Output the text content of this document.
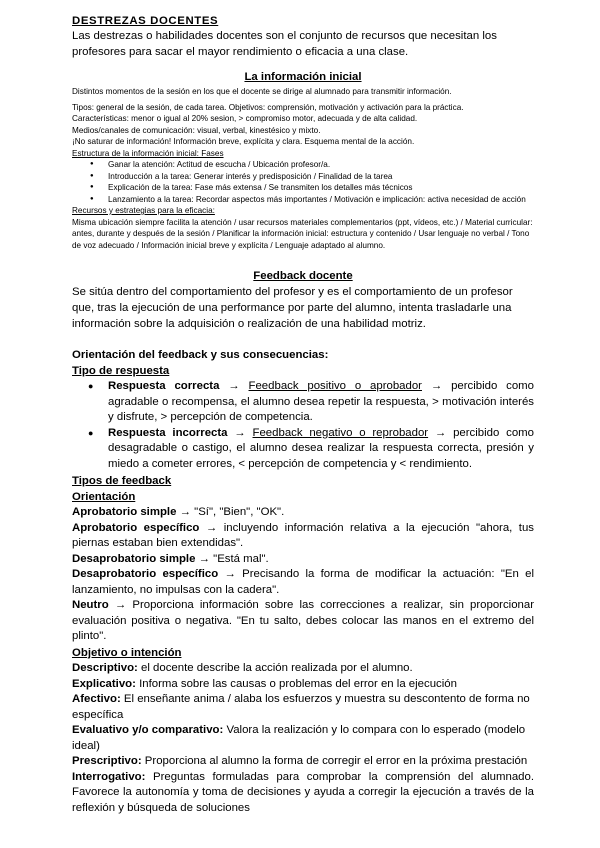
DESTREZAS DOCENTES

Las destrezas o habilidades docentes son el conjunto de recursos que necesitan los profesores para sacar el mayor rendimiento o eficacia a una clase.

La información inicial

Distintos momentos de la sesión en los que el docente se dirige al alumnado para transmitir información.

Tipos: general de la sesión, de cada tarea. Objetivos: comprensión, motivación y activación para la práctica.

Características: menor o igual al 20% sesion, > compromiso motor, adecuada y de alta calidad.

Medios/canales de comunicación: visual, verbal, kinestésico y mixto.

¡No saturar de información! Información breve, explícita y clara. Esquema mental de la acción.

Estructura de la información inicial: Fases

● Ganar la atención: Actitud de escucha / Ubicación profesor/a.
● Introducción a la tarea: Generar interés y predisposición / Finalidad de la tarea
● Explicación de la tarea: Fase más extensa / Se transmiten los detalles más técnicos
● Lanzamiento a la tarea: Recordar aspectos más importantes / Motivación e implicación: activa necesidad de acción

Recursos y estrategias para la eficacia:

Misma ubicación siempre facilita la atención / usar recursos materiales complementarios (ppt, vídeos, etc.) / Material curricular: antes, durante y después de la sesión / Planificar la información inicial: estructura y contenido / Usar lenguaje no verbal / Tono de voz adecuado / Información inicial breve y explícita / Lenguaje adaptado al alumno.

Feedback docente

Se sitúa dentro del comportamiento del profesor y es el comportamiento de un profesor que, tras la ejecución de una performance por parte del alumno, intenta trasladarle una información sobre la adquisición o realización de una habilidad motriz.

Orientación del feedback y sus consecuencias:

Tipo de respuesta

● Respuesta correcta → Feedback positivo o aprobador → percibido como agradable o recompensa, el alumno desea repetir la respuesta, > motivación interés y disfrute, > percepción de competencia.
● Respuesta incorrecta → Feedback negativo o reprobador → percibido como desagradable o castigo, el alumno desea realizar la respuesta correcta, presión y miedo a cometer errores, < percepción de competencia y < rendimiento.

Tipos de feedback

Orientación

Aprobatorio simple → "Sí", "Bien", "OK".

Aprobatorio específico → incluyendo información relativa a la ejecución "ahora, tus piernas estaban bien extendidas".

Desaprobatorio simple → "Está mal".

Desaprobatorio específico → Precisando la forma de modificar la actuación: "En el lanzamiento, no impulsas con la cadera".

Neutro → Proporciona información sobre las correcciones a realizar, sin proporcionar evaluación positiva o negativa. "En tu salto, debes colocar las manos en el extremo del plinto".

Objetivo o intención

Descriptivo: el docente describe la acción realizada por el alumno.

Explicativo: Informa sobre las causas o problemas del error en la ejecución

Afectivo: El enseñante anima / alaba los esfuerzos y muestra su descontento de forma no específica

Evaluativo y/o comparativo: Valora la realización y lo compara con lo esperado (modelo ideal)

Prescriptivo: Proporciona al alumno la forma de corregir el error en la próxima prestación

Interrogativo: Preguntas formuladas para comprobar la comprensión del alumnado. Favorece la autonomía y toma de decisiones y ayuda a corregir la ejecución a través de la reflexión y búsqueda de soluciones
